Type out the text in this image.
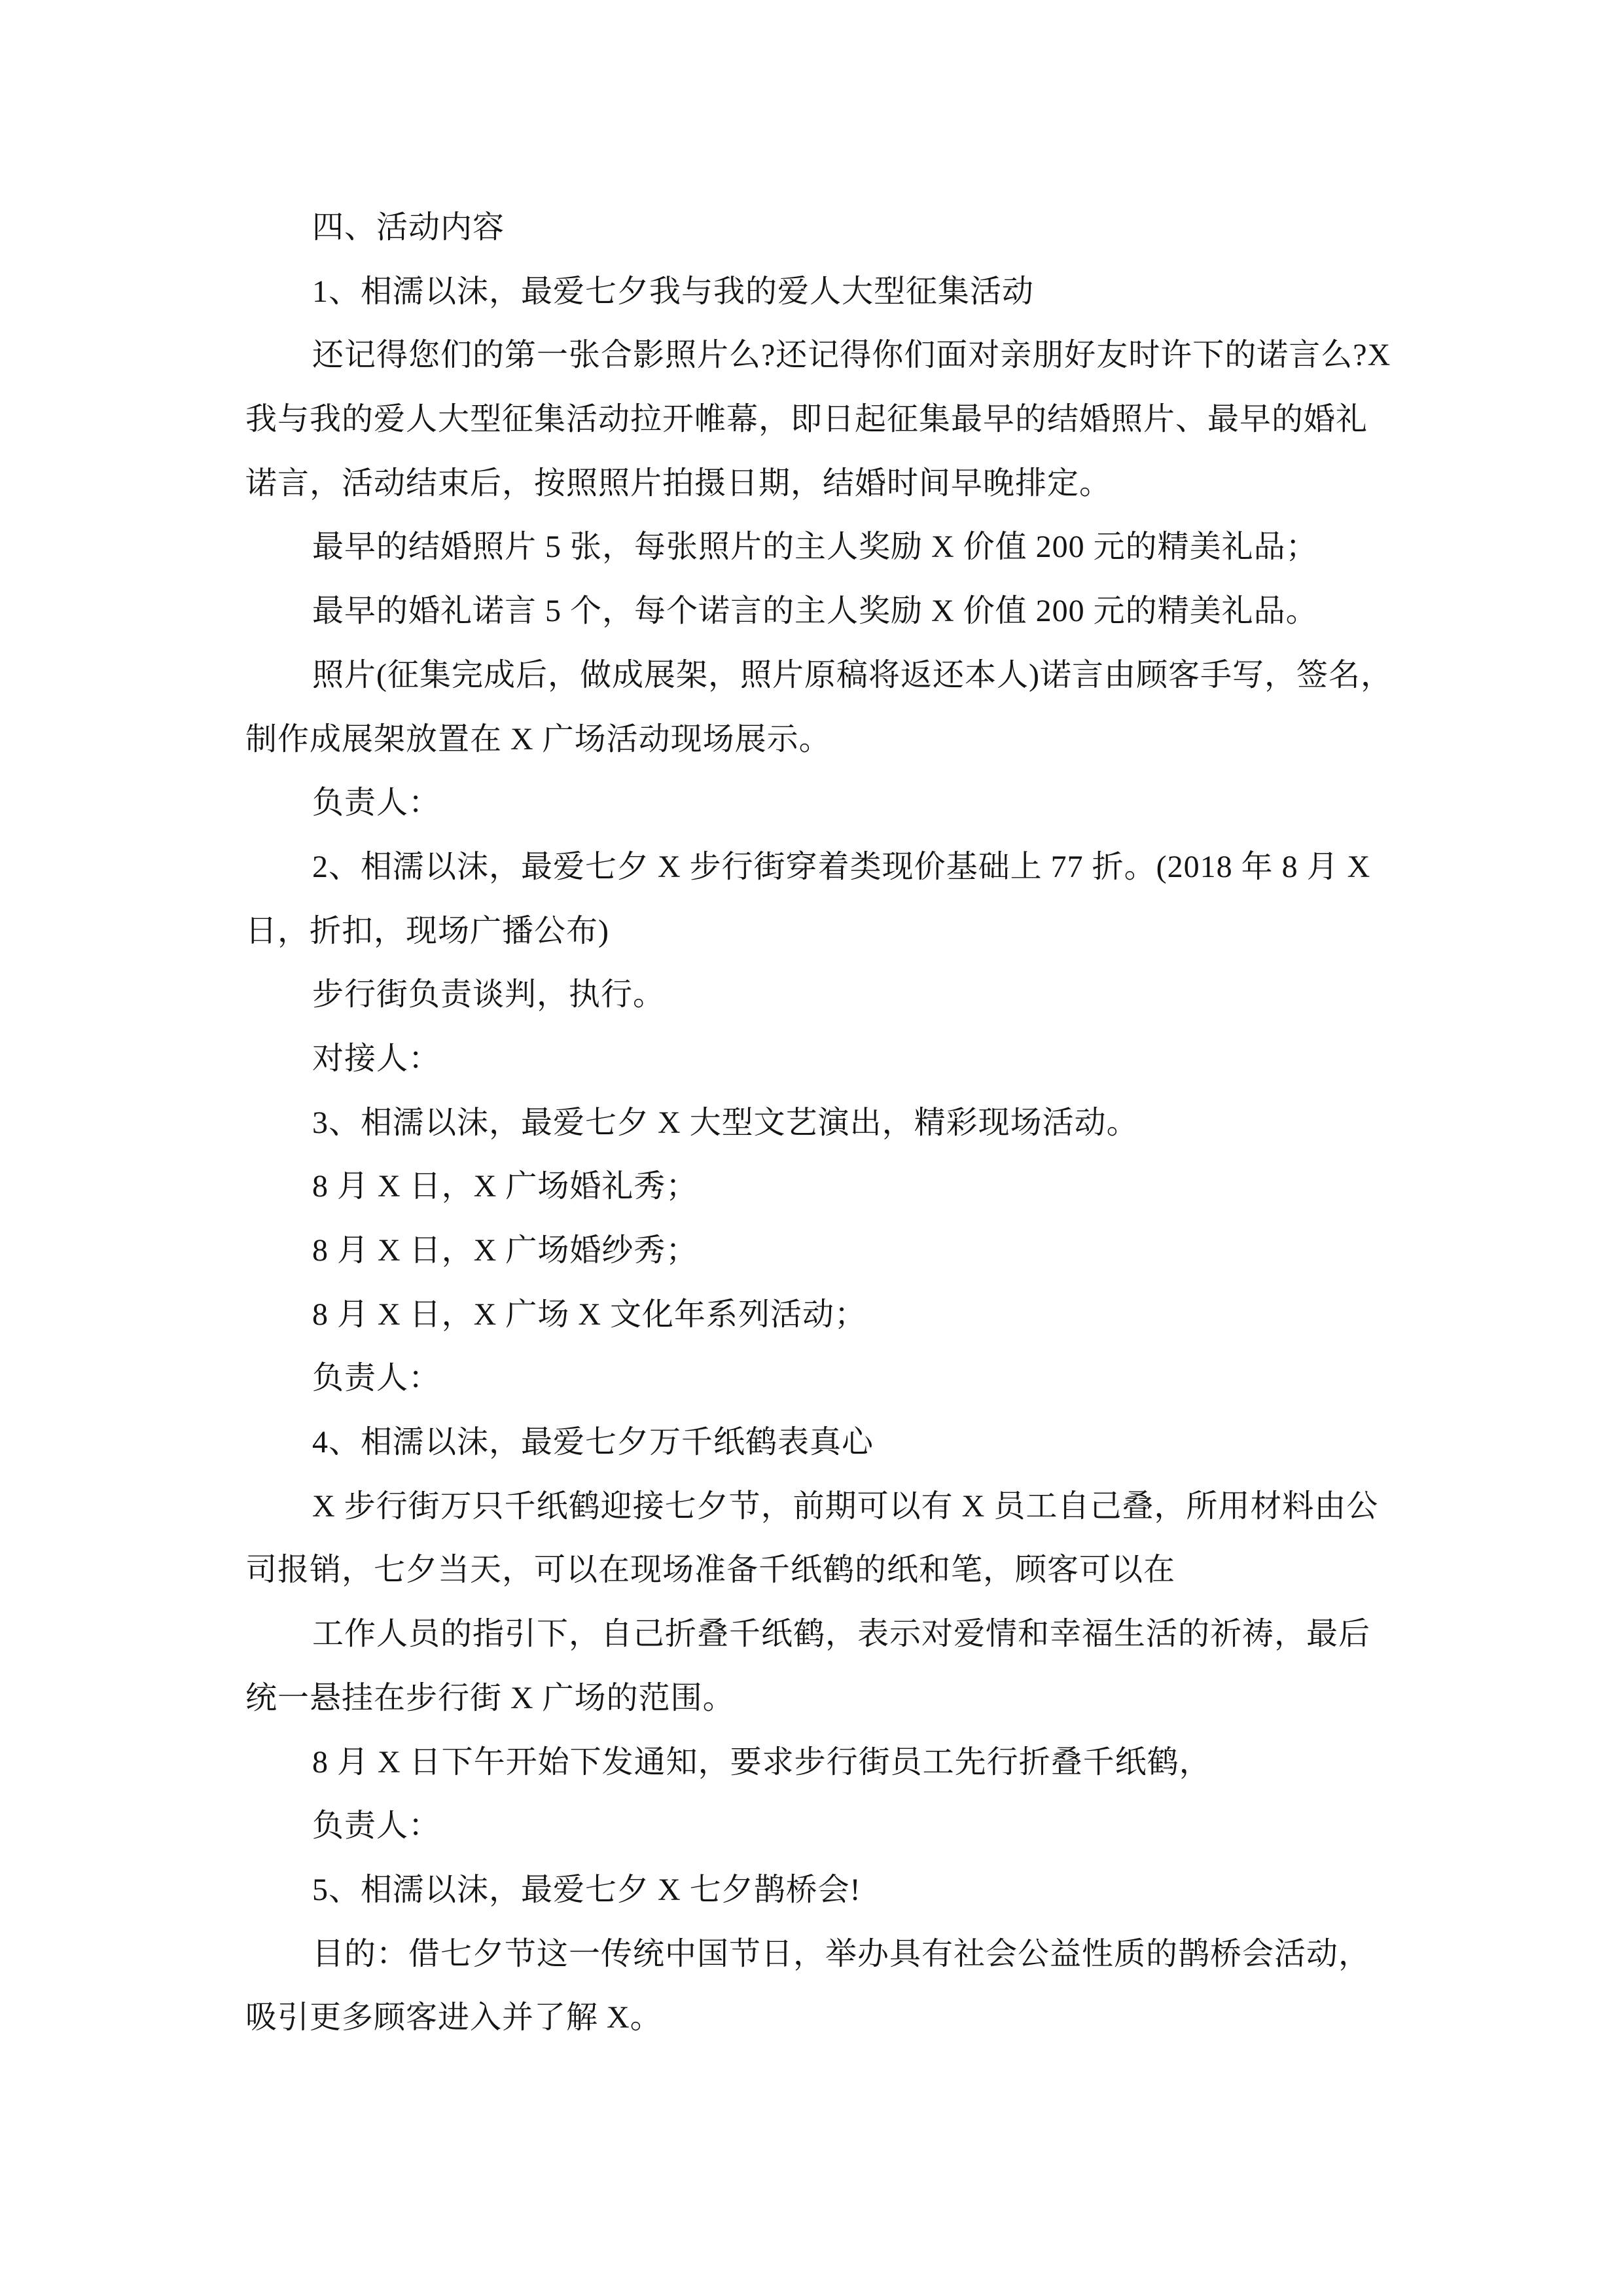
四、活动内容
1、相濡以沫，最爱七夕我与我的爱人大型征集活动
还记得您们的第一张合影照片么?还记得你们面对亲朋好友时许下的诺言么?X
我与我的爱人大型征集活动拉开帷幕，即日起征集最早的结婚照片、最早的婚礼
诺言，活动结束后，按照照片拍摄日期，结婚时间早晚排定。
最早的结婚照片 5 张，每张照片的主人奖励 X 价值 200 元的精美礼品；
最早的婚礼诺言 5 个，每个诺言的主人奖励 X 价值 200 元的精美礼品。
照片(征集完成后，做成展架，照片原稿将返还本人)诺言由顾客手写，签名，
制作成展架放置在 X 广场活动现场展示。
负责人：
2、相濡以沫，最爱七夕 X 步行街穿着类现价基础上 77 折。(2018 年 8 月 X
日，折扣，现场广播公布)
步行街负责谈判，执行。
对接人：
3、相濡以沫，最爱七夕 X 大型文艺演出，精彩现场活动。
8 月 X 日，X 广场婚礼秀；
8 月 X 日，X 广场婚纱秀；
8 月 X 日，X 广场 X 文化年系列活动；
负责人：
4、相濡以沫，最爱七夕万千纸鹤表真心
X 步行街万只千纸鹤迎接七夕节，前期可以有 X 员工自己叠，所用材料由公
司报销，七夕当天，可以在现场准备千纸鹤的纸和笔，顾客可以在
工作人员的指引下，自己折叠千纸鹤，表示对爱情和幸福生活的祈祷，最后
统一悬挂在步行街 X 广场的范围。
8 月 X 日下午开始下发通知，要求步行街员工先行折叠千纸鹤，
负责人：
5、相濡以沫，最爱七夕 X 七夕鹊桥会!
目的：借七夕节这一传统中国节日，举办具有社会公益性质的鹊桥会活动，
吸引更多顾客进入并了解 X。
